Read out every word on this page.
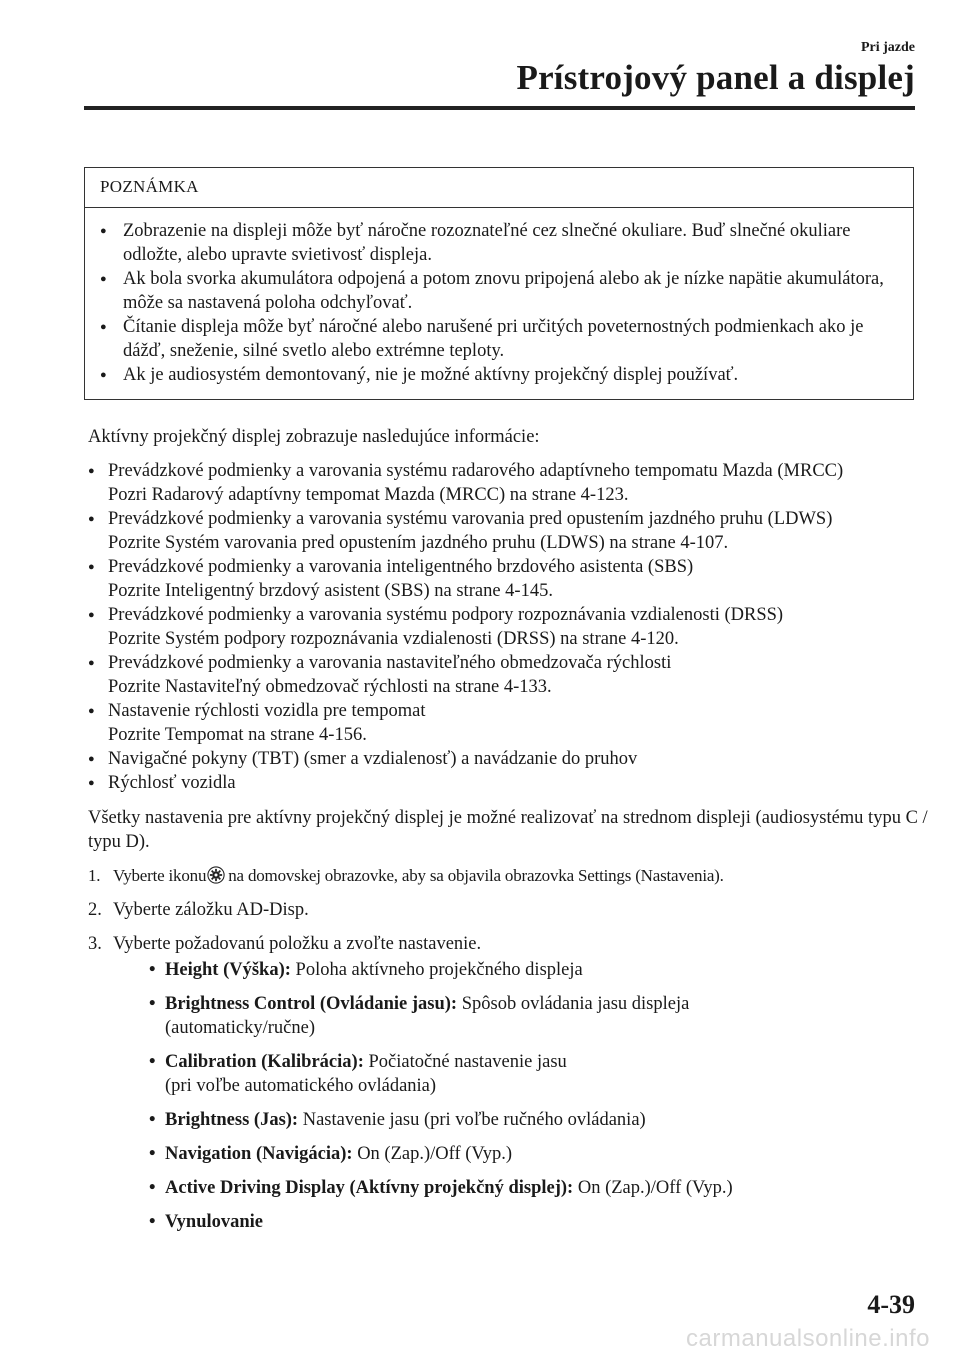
Pri jazde
Prístrojový panel a displej
POZNÁMKA
● Zobrazenie na displeji môže byť náročne rozoznateľné cez slnečné okuliare. Buď slnečné okuliare odložte, alebo upravte svietivosť displeja.
● Ak bola svorka akumulátora odpojená a potom znovu pripojená alebo ak je nízke napätie akumulátora, môže sa nastavená poloha odchyľovať.
● Čítanie displeja môže byť náročné alebo narušené pri určitých poveternostných podmienkach ako je dážď, sneženie, silné svetlo alebo extrémne teploty.
● Ak je audiosystém demontovaný, nie je možné aktívny projekčný displej používať.

Aktívny projekčný displej zobrazuje nasledujúce informácie:

● Prevádzkové podmienky a varovania systému radarového adaptívneho tempomatu Mazda (MRCC)
Pozri Radarový adaptívny tempomat Mazda (MRCC) na strane 4-123.
● Prevádzkové podmienky a varovania systému varovania pred opustením jazdného pruhu (LDWS)
Pozrite Systém varovania pred opustením jazdného pruhu (LDWS) na strane 4-107.
● Prevádzkové podmienky a varovania inteligentného brzdového asistenta (SBS)
Pozrite Inteligentný brzdový asistent (SBS) na strane 4-145.
● Prevádzkové podmienky a varovania systému podpory rozpoznávania vzdialenosti (DRSS)
Pozrite Systém podpory rozpoznávania vzdialenosti (DRSS) na strane 4-120.
● Prevádzkové podmienky a varovania nastaviteľného obmedzovača rýchlosti
Pozrite Nastaviteľný obmedzovač rýchlosti na strane 4-133.
● Nastavenie rýchlosti vozidla pre tempomat
Pozrite Tempomat na strane 4-156.
● Navigačné pokyny (TBT) (smer a vzdialenosť) a navádzanie do pruhov
● Rýchlosť vozidla

Všetky nastavenia pre aktívny projekčný displej je možné realizovať na strednom displeji (audiosystému typu C / typu D).

1. Vyberte ikonu na domovskej obrazovke, aby sa objavila obrazovka Settings (Nastavenia).
2. Vyberte záložku AD-Disp.
3. Vyberte požadovanú položku a zvoľte nastavenie.
• Height (Výška): Poloha aktívneho projekčného displeja
• Brightness Control (Ovládanie jasu): Spôsob ovládania jasu displeja
(automaticky/ručne)
• Calibration (Kalibrácia): Počiatočné nastavenie jasu
(pri voľbe automatického ovládania)
• Brightness (Jas): Nastavenie jasu (pri voľbe ručného ovládania)
• Navigation (Navigácia): On (Zap.)/Off (Vyp.)
• Active Driving Display (Aktívny projekčný displej): On (Zap.)/Off (Vyp.)
• Vynulovanie
4-39
carmanualsonline.info
